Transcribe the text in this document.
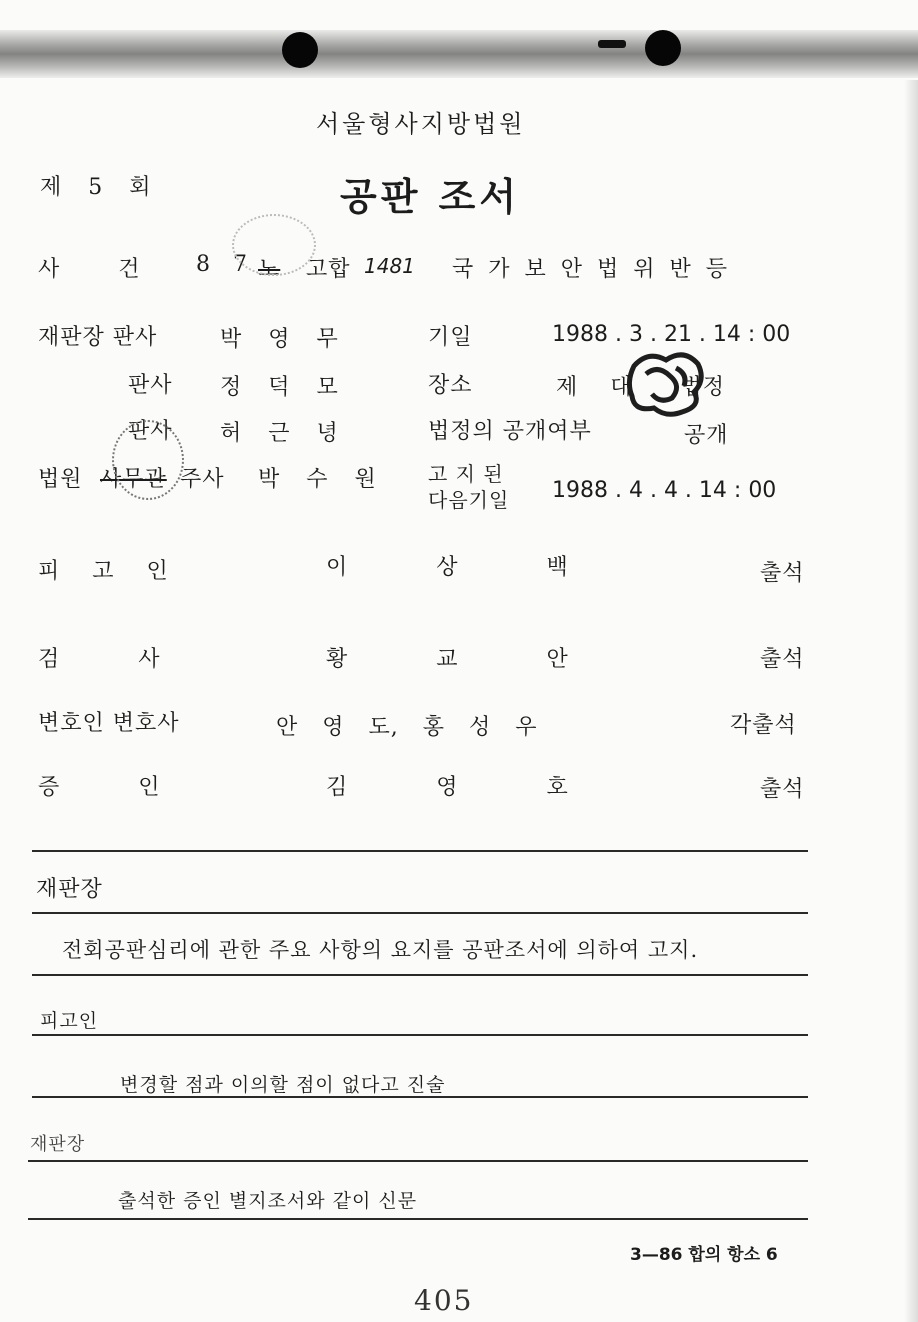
서울형사지방법원
제 5 회	공판 조서
사 건	8 7 노 고합 1481 국 가 보 안 법 위 반 등
재판장 판사	박 영 무
판사 정 덕 모
판사 허 근 녕
법원 사무관 주사 박 수 원
기일	1988 . 3 . 21 . 14 : 00
장소	제    대      법정
법정의 공개여부	공개
고 지 된
다음기일 1988 . 4 . 4 . 14 : 00
피 고 인	이 상 백	출석
검 사	황 교 안	출석
변호인 변호사	안 영 도, 홍 성 우	각출석
증 인	김 영 호	출석
재판장
전회공판심리에 관한 주요 사항의 요지를 공판조서에 의하여 고지.
피고인
변경할 점과 이의할 점이 없다고 진술
재판장
출석한 증인 별지조서와 같이 신문
3—86 합의 항소 6
405
